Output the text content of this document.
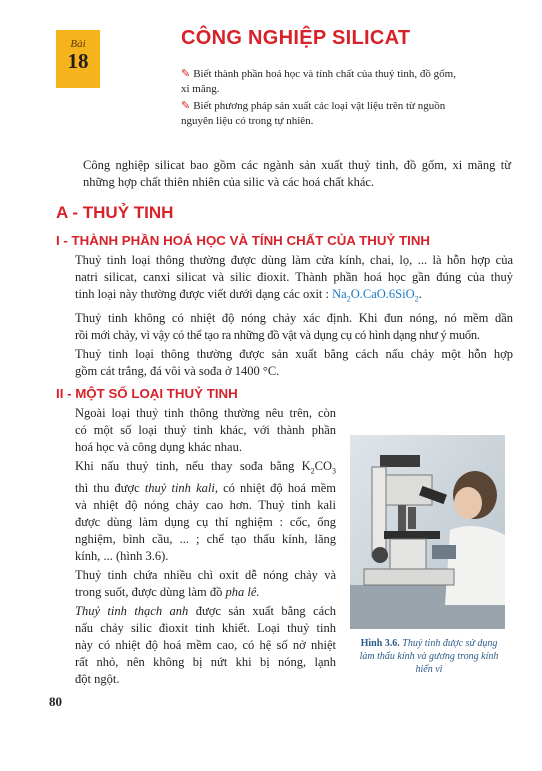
Bài
18
CÔNG NGHIỆP SILICAT
✎ Biết thành phần hoá học và tính chất của thuỷ tinh, đồ gốm,
xi măng.
✎ Biết phương pháp sản xuất các loại vật liệu trên từ nguồn
nguyên liệu có trong tự nhiên.
Công nghiệp silicat bao gồm các ngành sản xuất thuỷ tinh, đồ gốm, xi măng từ
những hợp chất thiên nhiên của silic và các hoá chất khác.
A - THUỶ TINH
I - THÀNH PHẦN HOÁ HỌC VÀ TÍNH CHẤT CỦA THUỶ TINH
Thuỷ tinh loại thông thường được dùng làm cửa kính, chai, lọ, ... là hỗn hợp của
natri silicat, canxi silicat và silic đioxit. Thành phần hoá học gần đúng của thuỷ
tinh loại này thường được viết dưới dạng các oxit : $Na_2O.CaO.6SiO_2$.
Thuỷ tinh không có nhiệt độ nóng chảy xác định. Khi đun nóng, nó mềm dần
rồi mới chảy, vì vậy có thể tạo ra những đồ vật và dụng cụ có hình dạng như ý muốn.
Thuỷ tinh loại thông thường được sản xuất bằng cách nấu chảy một hỗn hợp
gồm cát trắng, đá vôi và sođa ở 1400 °C.
II - MỘT SỐ LOẠI THUỶ TINH
Ngoài loại thuỷ tinh thông thường nêu trên, còn
có một số loại thuỷ tinh khác, với thành phần
hoá học và công dụng khác nhau.
Khi nấu thuỷ tinh, nếu thay sođa bằng $K_2CO_3$
thì thu được thuỷ tinh kali, có nhiệt độ hoá mềm
và nhiệt độ nóng chảy cao hơn. Thuỷ tinh kali
được dùng làm dụng cụ thí nghiệm : cốc, ống
nghiệm, bình cầu, ... ; chế tạo thấu kính, lăng
kính, ... (hình 3.6).
Thuỷ tinh chứa nhiều chì oxit dễ nóng chảy và
trong suốt, được dùng làm đồ pha lê.
Thuỷ tinh thạch anh được sản xuất bằng cách
nấu chảy silic đioxit tinh khiết. Loại thuỷ tinh
này có nhiệt độ hoá mềm cao, có hệ số nở nhiệt
rất nhỏ, nên không bị nứt khi bị nóng, lạnh
đột ngột.
Hình 3.6. Thuỷ tinh được sử dụng làm thấu kính và gương trong kính hiển vi
80
